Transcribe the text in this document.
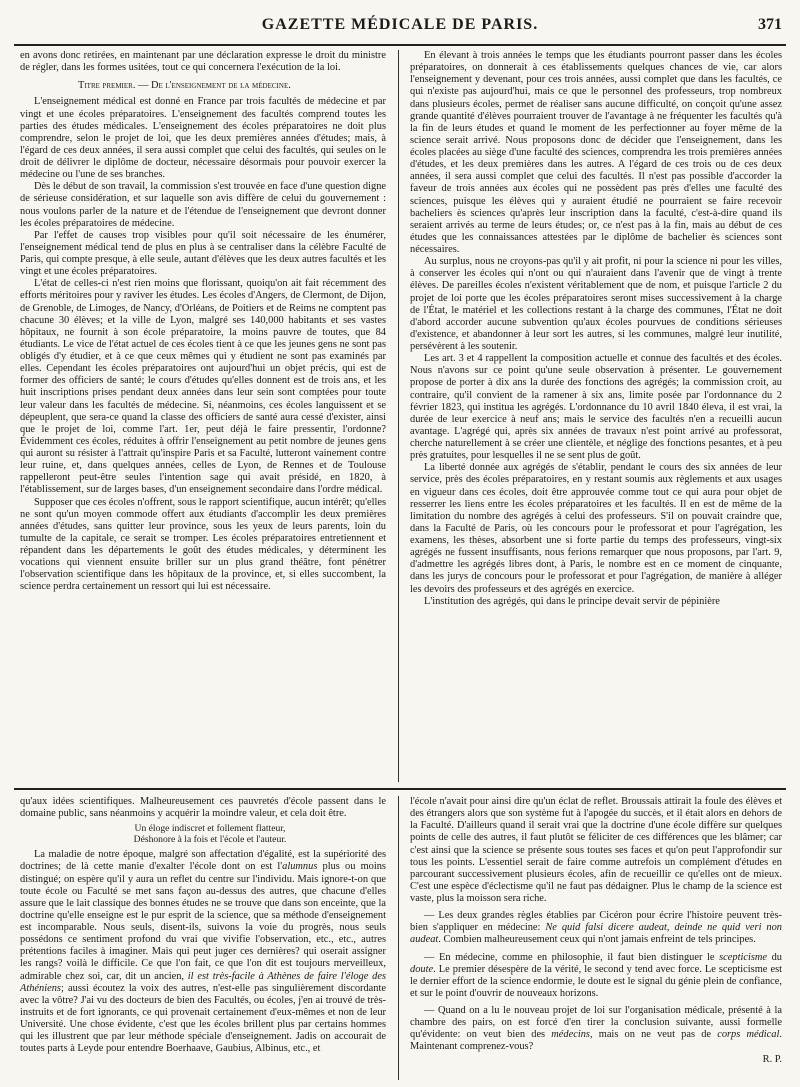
GAZETTE MÉDICALE DE PARIS.	371

en avons donc retirées, en maintenant par une déclaration expresse le droit du ministre de régler, dans les formes usitées, tout ce qui concernera l'exécution de la loi.

Titre premier. — De l'enseignement de la médecine.

L'enseignement médical est donné en France par trois facultés de médecine et par vingt et une écoles préparatoires. L'enseignement des facultés comprend toutes les parties des études médicales. L'enseignement des écoles préparatoires ne doit plus comprendre, selon le projet de loi, que les deux premières années d'études; mais, à l'égard de ces deux années, il sera aussi complet que celui des facultés, qui seules on le droit de délivrer le diplôme de docteur, nécessaire désormais pour pouvoir exercer la médecine ou l'une de ses branches.

Dès le début de son travail, la commission s'est trouvée en face d'une question digne de sérieuse considération, et sur laquelle son avis diffère de celui du gouvernement : nous voulons parler de la nature et de l'étendue de l'enseignement que devront donner les écoles préparatoires de médecine.

Par l'effet de causes trop visibles pour qu'il soit nécessaire de les énumérer, l'enseignement médical tend de plus en plus à se centraliser dans la célèbre Faculté de Paris, qui compte presque, à elle seule, autant d'élèves que les deux autres facultés et les vingt et une écoles préparatoires.

L'état de celles-ci n'est rien moins que florissant, quoiqu'on ait fait récemment des efforts méritoires pour y raviver les études. Les écoles d'Angers, de Clermont, de Dijon, de Grenoble, de Limoges, de Nancy, d'Orléans, de Poitiers et de Reims ne comptent pas chacune 30 élèves; et la ville de Lyon, malgré ses 140,000 habitants et ses vastes hôpitaux, ne fournit à son école préparatoire, la moins pauvre de toutes, que 84 étudiants. Le vice de l'état actuel de ces écoles tient à ce que les jeunes gens ne sont pas obligés d'y étudier, et à ce que ceux mêmes qui y étudient ne sont pas examinés par elles. Cependant les écoles préparatoires ont aujourd'hui un objet précis, qui est de former des officiers de santé; le cours d'études qu'elles donnent est de trois ans, et les huit inscriptions prises pendant deux années dans leur sein sont comptées pour toute leur valeur dans les facultés de médecine. Si, néanmoins, ces écoles languissent et se dépeuplent, que sera-ce quand la classe des officiers de santé aura cessé d'exister, ainsi que le projet de loi, comme l'art. 1er, peut déjà le faire pressentir, l'ordonne? Évidemment ces écoles, réduites à offrir l'enseignement au petit nombre de jeunes gens qui auront su résister à l'attrait qu'inspire Paris et sa Faculté, lutteront vainement contre leur ruine, et, dans quelques années, celles de Lyon, de Rennes et de Toulouse rappelleront peut-être seules l'intention sage qui avait présidé, en 1820, à l'établissement, sur de larges bases, d'un enseignement secondaire dans l'ordre médical.

Supposer que ces écoles n'offrent, sous le rapport scientifique, aucun intérêt; qu'elles ne sont qu'un moyen commode offert aux étudiants d'accomplir les deux premières années d'études, sans quitter leur province, sous les yeux de leurs parents, loin du tumulte de la capitale, ce serait se tromper. Les écoles préparatoires entretiennent et répandent dans les départements le goût des études médicales, y déterminent les vocations qui viennent ensuite briller sur un plus grand théâtre, font pénétrer l'observation scientifique dans les hôpitaux de la province, et, si elles succombent, la science perdra certainement un ressort qui lui est nécessaire.

En élevant à trois années le temps que les étudiants pourront passer dans les écoles préparatoires, on donnerait à ces établissements quelques chances de vie, car alors l'enseignement y devenant, pour ces trois années, aussi complet que dans les facultés, ce qui n'existe pas aujourd'hui, mais ce que le personnel des professeurs, trop nombreux dans plusieurs écoles, permet de réaliser sans aucune difficulté, on conçoit qu'une assez grande quantité d'élèves pourraient trouver de l'avantage à ne fréquenter les facultés qu'à la fin de leurs études et quand le moment de les perfectionner au foyer même de la science serait arrivé. Nous proposons donc de décider que l'enseignement, dans les écoles placées au siège d'une faculté des sciences, comprendra les trois premières années d'études, et les deux premières dans les autres. A l'égard de ces trois ou de ces deux années, il sera aussi complet que celui des facultés. Il n'est pas possible d'accorder la faveur de trois années aux écoles qui ne possèdent pas près d'elles une faculté des sciences, puisque les élèves qui y auraient étudié ne pourraient se faire recevoir bacheliers ès sciences qu'après leur inscription dans la faculté, c'est-à-dire quand ils seraient arrivés au terme de leurs études; or, ce n'est pas à la fin, mais au début de ces études que les connaissances attestées par le diplôme de bachelier ès sciences sont nécessaires.

Au surplus, nous ne croyons-pas qu'il y ait profit, ni pour la science ni pour les villes, à conserver les écoles qui n'ont ou qui n'auraient dans l'avenir que de vingt à trente élèves. De pareilles écoles n'existent véritablement que de nom, et puisque l'article 2 du projet de loi porte que les écoles préparatoires seront mises successivement à la charge de l'État, le matériel et les collections restant à la charge des communes, l'État ne doit d'abord accorder aucune subvention qu'aux écoles pourvues de conditions sérieuses d'existence, et abandonner à leur sort les autres, si les communes, malgré leur inutilité, persévèrent à les soutenir.

Les art. 3 et 4 rappellent la composition actuelle et connue des facultés et des écoles. Nous n'avons sur ce point qu'une seule observation à présenter. Le gouvernement propose de porter à dix ans la durée des fonctions des agrégés; la commission croit, au contraire, qu'il convient de la ramener à six ans, limite posée par l'ordonnance du 2 février 1823, qui institua les agrégés. L'ordonnance du 10 avril 1840 éleva, il est vrai, la durée de leur exercice à neuf ans; mais le service des facultés n'en a recueilli aucun avantage. L'agrégé qui, après six années de travaux n'est point arrivé au professorat, cherche naturellement à se créer une clientèle, et néglige des fonctions pesantes, et à peu près gratuites, pour lesquelles il ne se sent plus de goût.

La liberté donnée aux agrégés de s'établir, pendant le cours des six années de leur service, près des écoles préparatoires, en y restant soumis aux règlements et aux usages en vigueur dans ces écoles, doit être approuvée comme tout ce qui aura pour objet de resserrer les liens entre les écoles préparatoires et les facultés. Il en est de même de la limitation du nombre des agrégés à celui des professeurs. S'il on pouvait craindre que, dans la Faculté de Paris, où les concours pour le professorat et pour l'agrégation, les examens, les thèses, absorbent une si forte partie du temps des professeurs, vingt-six agrégés ne fussent insuffisants, nous ferions remarquer que nous proposons, par l'art. 9, d'admettre les agrégés libres dont, à Paris, le nombre est en ce moment de cinquante, dans les jurys de concours pour le professorat et pour l'agrégation, de manière à alléger les devoirs des professeurs et des agrégés en exercice.

L'institution des agrégés, qui dans le principe devait servir de pépinière

qu'aux idées scientifiques. Malheureusement ces pauvretés d'école passent dans le domaine public, sans néanmoins y acquérir la moindre valeur, et cela doit être.

Un éloge indiscret et follement flatteur,

Déshonore à la fois et l'école et l'auteur.

La maladie de notre époque, malgré son affectation d'égalité, est la supériorité des doctrines; de là cette manie d'exalter l'école dont on est l'alumnus plus ou moins distingué; on espère qu'il y aura un reflet du centre sur l'individu. Mais ignore-t-on que toute école ou Faculté se met sans façon au-dessus des autres, que chacune d'elles assure que le lait classique des bonnes études ne se trouve que dans son enceinte, que la doctrine qu'elle enseigne est le pur esprit de la science, que sa méthode d'enseignement est incomparable. Nous seuls, disent-ils, suivons la voie du progrès, nous seuls possédons ce sentiment profond du vrai que vivifie l'observation, etc., etc., autres prétentions faciles à imaginer. Mais qui peut juger ces dernières? qui oserait assigner les rangs? voilà le difficile. Ce que l'on fait, ce que l'on dit est toujours merveilleux, admirable chez soi, car, dit un ancien, il est très-facile à Athènes de faire l'éloge des Athéniens; aussi écoutez la voix des autres, n'est-elle pas singulièrement discordante avec la vôtre? J'ai vu des docteurs de bien des Facultés, ou écoles, j'en ai trouvé de très-instruits et de fort ignorants, ce qui provenait certainement d'eux-mêmes et non de leur Université. Une chose évidente, c'est que les écoles brillent plus par certains hommes qui les illustrent que par leur méthode spéciale d'enseignement. Jadis on accourait de toutes parts à Leyde pour entendre Boerhaave, Gaubius, Albinus, etc., et

l'école n'avait pour ainsi dire qu'un éclat de reflet. Broussais attirait la foule des élèves et des étrangers alors que son système fut à l'apogée du succès, et il était alors en dehors de la Faculté. D'ailleurs quand il serait vrai que la doctrine d'une école diffère sur quelques points de celle des autres, il faut plutôt se féliciter de ces différences que les blâmer; car c'est ainsi que la science se présente sous toutes ses faces et qu'on peut l'approfondir sur tous les points. L'essentiel serait de faire comme autrefois un complément d'études en parcourant successivement plusieurs écoles, afin de recueillir ce qu'elles ont de mieux. C'est une espèce d'éclectisme qu'il ne faut pas dédaigner. Plus le champ de la science est vaste, plus la moisson sera riche.

— Les deux grandes règles établies par Cicéron pour écrire l'histoire peuvent très-bien s'appliquer en médecine: Ne quid falsi dicere audeat, deinde ne quid veri non audeat. Combien malheureusement ceux qui n'ont jamais enfreint de tels principes.

— En médecine, comme en philosophie, il faut bien distinguer le scepticisme du doute. Le premier désespère de la vérité, le second y tend avec force. Le scepticisme est le dernier effort de la science endormie, le doute est le signal du génie plein de confiance, et sur le point d'ouvrir de nouveaux horizons.

— Quand on a lu le nouveau projet de loi sur l'organisation médicale, présenté à la chambre des pairs, on est forcé d'en tirer la conclusion suivante, aussi formelle qu'évidente: on veut bien des médecins, mais on ne veut pas de corps médical. Maintenant comprenez-vous?

R. P.
